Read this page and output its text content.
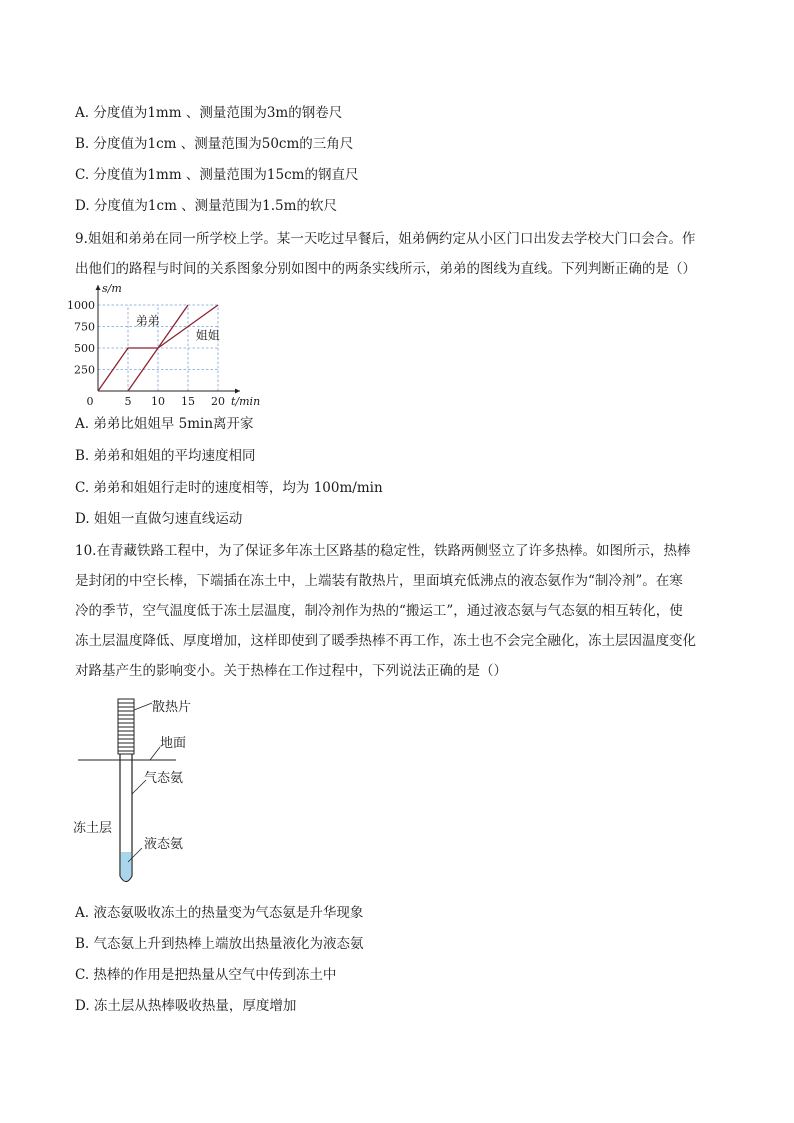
A. 分度值为1mm 、测量范围为3m的钢卷尺
B. 分度值为1cm 、测量范围为50cm的三角尺
C. 分度值为1mm 、测量范围为15cm的钢直尺
D. 分度值为1cm 、测量范围为1.5m的软尺
9.姐姐和弟弟在同一所学校上学。某一天吃过早餐后，姐弟俩约定从小区门口出发去学校大门口会合。作
出他们的路程与时间的关系图象分别如图中的两条实线所示，弟弟的图线为直线。下列判断正确的是（）
250
500
750
1000
5 10 15 20
0	t/min
s/m
弟弟
姐姐
A. 弟弟比姐姐早 5min离开家
B. 弟弟和姐姐的平均速度相同
C. 弟弟和姐姐行走时的速度相等，均为 100m/min
D. 姐姐一直做匀速直线运动
10.在青藏铁路工程中，为了保证多年冻土区路基的稳定性，铁路两侧竖立了许多热棒。如图所示，热棒
是封闭的中空长棒，下端插在冻土中，上端装有散热片，里面填充低沸点的液态氨作为“制冷剂”。在寒
冷的季节，空气温度低于冻土层温度，制冷剂作为热的“搬运工”，通过液态氨与气态氨的相互转化，使
冻土层温度降低、厚度增加，这样即使到了暖季热棒不再工作，冻土也不会完全融化，冻土层因温度变化
对路基产生的影响变小。关于热棒在工作过程中，下列说法正确的是（）
散热片
地面
气态氨
冻土层
液态氨
A. 液态氨吸收冻土的热量变为气态氨是升华现象
B. 气态氨上升到热棒上端放出热量液化为液态氨
C. 热棒的作用是把热量从空气中传到冻土中
D. 冻土层从热棒吸收热量，厚度增加
